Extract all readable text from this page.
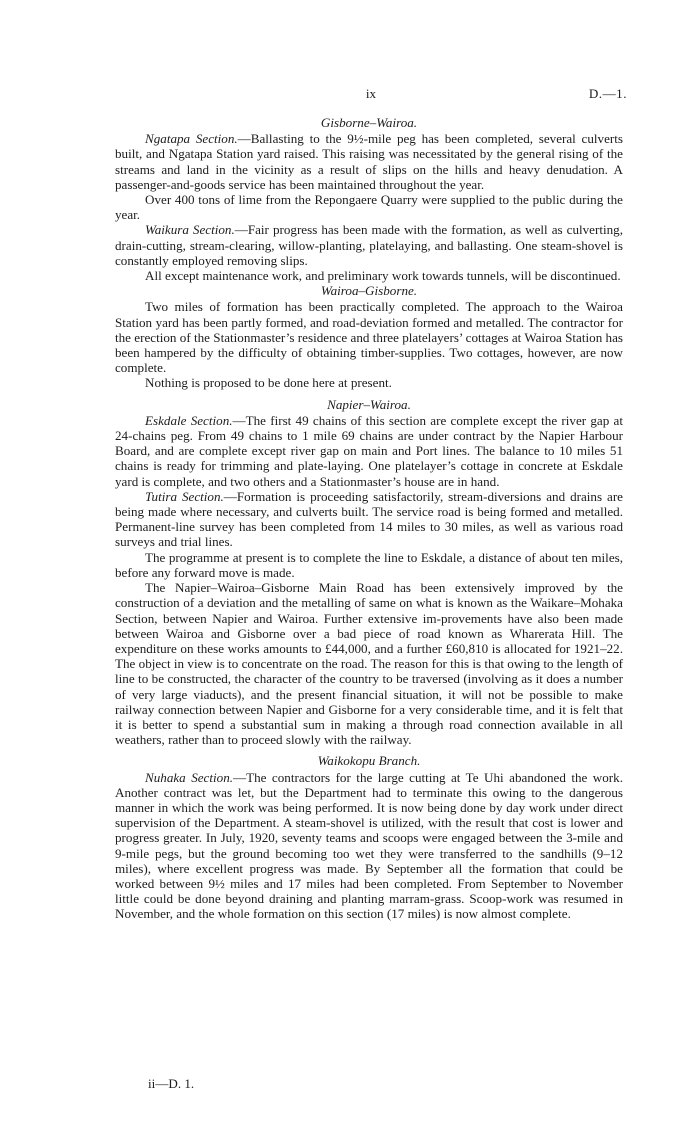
ix	D.—1.

Gisborne–Wairoa.

Ngatapa Section.—Ballasting to the 9½-mile peg has been completed, several culverts built, and Ngatapa Station yard raised. This raising was necessitated by the general rising of the streams and land in the vicinity as a result of slips on the hills and heavy denudation. A passenger-and-goods service has been maintained throughout the year.

Over 400 tons of lime from the Repongaere Quarry were supplied to the public during the year.

Waikura Section.—Fair progress has been made with the formation, as well as culverting, drain-cutting, stream-clearing, willow-planting, platelaying, and ballasting. One steam-shovel is constantly employed removing slips.

All except maintenance work, and preliminary work towards tunnels, will be discontinued.

Wairoa–Gisborne.

Two miles of formation has been practically completed. The approach to the Wairoa Station yard has been partly formed, and road-deviation formed and metalled. The contractor for the erection of the Stationmaster’s residence and three platelayers’ cottages at Wairoa Station has been hampered by the difficulty of obtaining timber-supplies. Two cottages, however, are now complete.

Nothing is proposed to be done here at present.

Napier–Wairoa.

Eskdale Section.—The first 49 chains of this section are complete except the river gap at 24-chains peg. From 49 chains to 1 mile 69 chains are under contract by the Napier Harbour Board, and are complete except river gap on main and Port lines. The balance to 10 miles 51 chains is ready for trimming and plate-laying. One platelayer’s cottage in concrete at Eskdale yard is complete, and two others and a Stationmaster’s house are in hand.

Tutira Section.—Formation is proceeding satisfactorily, stream-diversions and drains are being made where necessary, and culverts built. The service road is being formed and metalled. Permanent-line survey has been completed from 14 miles to 30 miles, as well as various road surveys and trial lines.

The programme at present is to complete the line to Eskdale, a distance of about ten miles, before any forward move is made.

The Napier–Wairoa–Gisborne Main Road has been extensively improved by the construction of a deviation and the metalling of same on what is known as the Waikare–Mohaka Section, between Napier and Wairoa. Further extensive im-provements have also been made between Wairoa and Gisborne over a bad piece of road known as Wharerata Hill. The expenditure on these works amounts to £44,000, and a further £60,810 is allocated for 1921–22. The object in view is to concentrate on the road. The reason for this is that owing to the length of line to be constructed, the character of the country to be traversed (involving as it does a number of very large viaducts), and the present financial situation, it will not be possible to make railway connection between Napier and Gisborne for a very considerable time, and it is felt that it is better to spend a substantial sum in making a through road connection available in all weathers, rather than to proceed slowly with the railway.

Waikokopu Branch.

Nuhaka Section.—The contractors for the large cutting at Te Uhi abandoned the work. Another contract was let, but the Department had to terminate this owing to the dangerous manner in which the work was being performed. It is now being done by day work under direct supervision of the Department. A steam-shovel is utilized, with the result that cost is lower and progress greater. In July, 1920, seventy teams and scoops were engaged between the 3-mile and 9-mile pegs, but the ground becoming too wet they were transferred to the sandhills (9–12 miles), where excellent progress was made. By September all the formation that could be worked between 9½ miles and 17 miles had been completed. From September to November little could be done beyond draining and planting marram-grass. Scoop-work was resumed in November, and the whole formation on this section (17 miles) is now almost complete.

ii—D. 1.
